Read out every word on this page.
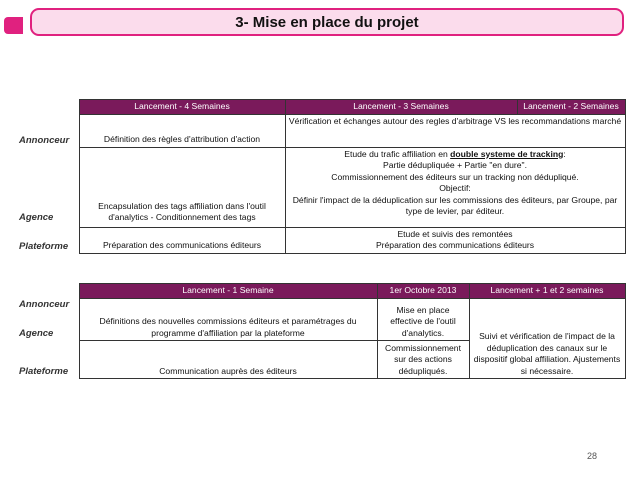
3- Mise en place du projet
	Lancement - 4 Semaines	Lancement - 3 Semaines	Lancement - 2 Semaines
Annonceur	Définition des règles d'attribution d'action	Vérification et échanges autour des regles d'arbitrage VS les recommandations marché	
Agence	Encapsulation des tags affiliation dans l'outil d'analytics - Conditionnement des tags	Etude du trafic affiliation en double systeme de tracking:
Partie dédupliquée + Partie "en dure".
Commissionnement des éditeurs sur un tracking non dédupliqué.
Objectif:
Définir l'impact de la déduplication sur les commissions des éditeurs, par Groupe, par type de levier, par éditeur.	

Plateforme	Préparation des communications éditeurs	Etude et suivis des remontées
Préparation des communications éditeurs	
	Lancement - 1 Semaine	1er Octobre 2013	Lancement + 1 et 2 semaines
Annonceur	Définitions des nouvelles commissions éditeurs et paramétrages du programme d'affiliation par la plateforme	Mise en place effective de l'outil d'analytics.	Suivi et vérification de l'impact de la déduplication des canaux sur le dispositif global affiliation. Ajustements si nécessaire.
Agence			
Plateforme	Communication auprès des éditeurs	Commissionnement sur des actions dédupliqués.	
28
